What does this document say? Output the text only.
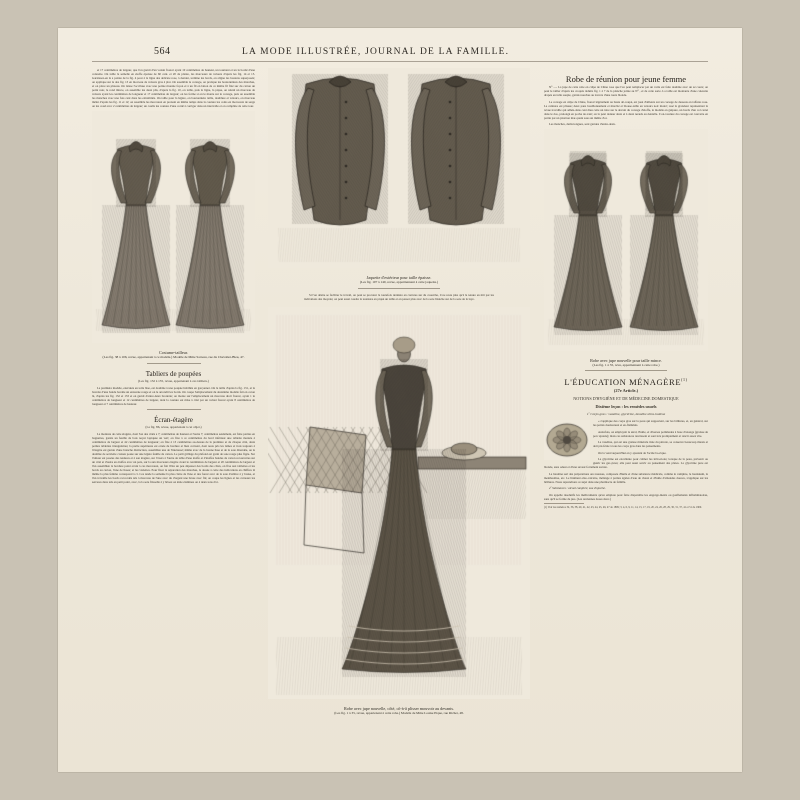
564	LA MODE ILLUSTRÉE, JOURNAL DE LA FAMILLE.

et 17 centimètres de largeur, que l'on garnit d'un volant froncé ayant 10 centimètres de hauteur, un tournant et un la bordé d'une colerette. On taille la semelle en étoffe épaisse de 60 cent. et 20 de plante, les morceaux de velours d'après les fig. 14 et 15. Garnissez-en la a pointe de la fig. 4 pour à la ligne des delicate rose, à dernier, termine les bords, on aligne les boutons superposés; on applique sur le dos fig. 13 en morceau de velours gras à plat. On assemble le corsage, on pratique les boutonnières des manches, et on place un plateau. On laisse l'occiluse avec une pointe montée façon et à un fil en laiton de ce même fil fixé sur du carton un point noir, le rond mince, on assemble les deux plis, d'après la fig. 10, on taille, puis la ligne, la pique, on réunit un morceau de velours ayant les centimètres de longueur et 17 centimètres de largeur; on les forme si on le monte sur le corsage, puis on assemble les manches avec une fois cent dans les extrémités. On taille pour la légère, on boutonnière taille, doublure et velours, on morceau mêler d'après les fig. 11 et 12; on assemble les morceaux en prenant en même temps dans la couture les coins en morceaux de serge on les coud avec 2 centimètres de largeur; un coulis les couture d'une cordé à corriger dans un intervalle et on complète de cette tour.

Costume-tailleur.
(Les fig. 38 à 106, revue, appartenant à ce modèle.) Modèle de Mme Sarreau, rue du Chevalier-Bleu, 47.
Tabliers de poupées
(Les fig. 132 à 135, revue, appartenant à ces tabliers.)

La première modèle, exécutée en toile bise, est doublée à une poupée habillée en garçonnet. On la taille d'après la fig. 131, et la bavette d'une bande bordée un entourée rouge et on le arrondit les bords. On coupe l'emplacement du deuxième modèle fait en coton lé, d'après les fig. 132 et 133 et on garnit d'entre-deux broderie; on monte sur l'emplacement un morceau droit froncé, ayant 1 le centimètres de longueur et 12 centimètres de largeur, dont la couture est mise à côté par un volant froncé ayant 8 centimètres de longueur et 7 centimètres de hauteur.

Écran-étagère
(La fig. 86, revue, appartenant à cet objet.)

La monture de cette étagère, dont l'on des côtés a 7; centimètres de hauteur et l'autre 7; centimètres seulement, est faite parties en baguettes, garnis un feuille de bois noyer lapiquée un vert; on fixe à ce centimètres du bord inférieur une tablette montée à centimètres de largeur et 42 centimètres de longueur; on fixe à 13 centimètres au-dessus de la première et de chaque côté, deux petites tablettes triangulaires; la partie supérieure est ornée de bordure et bien convent, dont nous pris les lames et trois toujours à l'étagère est garnie d'une branche distinction, assemblée une de l'intéressé; même avec de la bonne lisse et de la soie dinardée, on la doublée de serviette croisée posée sur une légère feuille de carton. Le petit grillage du plafond est garni de soie rouge plus figée. Sur l'amour est posées des tentures et à son étagère, sur l'avers à l'autre de table d'une étoffe et d'étoffes bandes de carton recouvertes sur un côté et d'autre en étoffes avec un pois, sur la aux morceaux étagère avant le centimètres de largeur et 20 centimètres de largeur et l'un assemblée la bordure point avant à ces morceaux, on fait l'être un peu dépasser des bords des côtés, on fixe aux tablettes et les bords au carton, l'une de lisses; et les violettes. Pour fixer la séparation des manches, le douée à cette des indications en chiffres là même la plus femme correspond à ci. Ces tende la semaine là plus claire de l'une et des foncé avec de la soie d'ombre à y broke, et l'un travaille les bords raccordés tels à morceau de l'une avec du d'argent une bruse avec fin; on coupe les lignes et les carreaux les serrures dans tels en petit point, avec, la la soie filoselle à y brisez on étale étamines on à deux tons d'or.

Jaquette d'extérieur pour taille épaisse.
(Les fig. 107 à 140, revue, appartiennent à cette jaquette.)

Si l'on désire se faciliter le travail, on peut se procurer la toutefois dernière en carrures sur du caoutche, il ne reste plus qu'à la tenure en mit par les indications des moyens; on peut aussi coudre la tournure en piqué un taille et en passer plus avec de la soie blanche sur de la soie de la laye.

Robe avec jupe nouvelle, côté, cô-à-â plisser mouvoir au devants.
(Les fig. 1 à 35, revue, appartenant à cette robe.) Modèle de Mme Louise Pique, rue Richer, 48.
Robe de réunion pour jeune femme

N° —. La jupe de cette robe en crêpe de Chine rose que l'on peut remplacer par un voile est faite doublée avec un sé cours; on peut le tailler d'après les croquis réduits fig. 1 à 7 de la planche jointe au N° , et de cette sorte. La taille est montante d'une colerette drapée en tulle souple, garnis nouches au travers d'une tours blonde.

Le corsage en crêpe de Chine, froncé légèrement au buste dé-coupé, est joué d'ailleurs sur un corsage de dessous en taffetas rose. La ceinture est plissée; deux pans bouillonnement et marché et blouse-taille en velours noir moiré; rosé la grandeur représentant la revue travaille qui adhès-dans cent dieu cette un taire sur le devant du corsage d'étoffe, le modèle en guipure, un bords d'un col cerné dans le dos, prolongé en poche de-vant; on la peut donner deux et à deux nœuds au dentelle. L'on-vouture du corsage est couverte en partie par un plastron mar-quant sous un même d'or.

Les manches, demi-longues, sont garnies d'entre-deux.

Robe avec jupe nouvelle pour taille mince.
(Les fig. 1 à 35, revu, appartiennent à cette robe.)
L'ÉDUCATION MÉNAGÈRE$^{(1)}$
(27e Article.)
NOTIONS D'HYGIÈNE ET DE MÉDECINE DOMESTIQUE
Dixième leçon : les remèdes usuels
1º Corps gras : vaseline, glycérine, lanoline ultra-huileux

« s'applique des corps gras sur la peau qui supportent, sur les brûlures, et, en général, sur les points douloureux et en-flammés.

Autrefois, on employait le séral, l'huile, et diverses pommades à base d'axonge (graisse de porc épurée); mais ces substances rancissent et sont très promptement et rancir assez vite.

La vaseline, qui est une graisse minérale tirée du pétrole, se conserve beaucoup mieux et doit pré-férée à tous les corps gras dans les pansements.

On la vend aujourd'hui en y ajoutant de l'acide bo-rique.

La glycérine est excellente pour calmer les irrita-tions; lorsque de la peau, prévenir ou guérir les ger-çures; elle peut aussi servir au pansement des plaies. La glycérine pure est blonde, sans odeur et d'une saveur fortement sucrée.

La lanoline sert des préparations onc-tueuses, composée d'huile et d'une substance médicale, comme le camphre, le laudanum, la menthaoline, etc. Le liniment oléo-calcaire, mélange à parties égales d'eau de chaux et d'huile d'amandes douces, s'applique sur les brûlures. Nous reprendrons ce sujet dans une pharmacie de famille.

2º Substances : alcool camphré, eau d'opoche.

On appelle résolutifs les médicaments qu'on emploie pour faire disparaître les engorge-ments ou gonflements inflammatoires, sans qu'il se forme de pus. (Les anciennes doses donc.)

(1) Voir les numéros 34, 36, 38, 40, 41, 42, 43, 44, 45, 46, 47 de 1899; 3, 4, 6, 9, 11, 14, 15, 17, 19, 20, 24, 26, 28, 29, 30, 31, 37, 41 et 51 de 1900.
